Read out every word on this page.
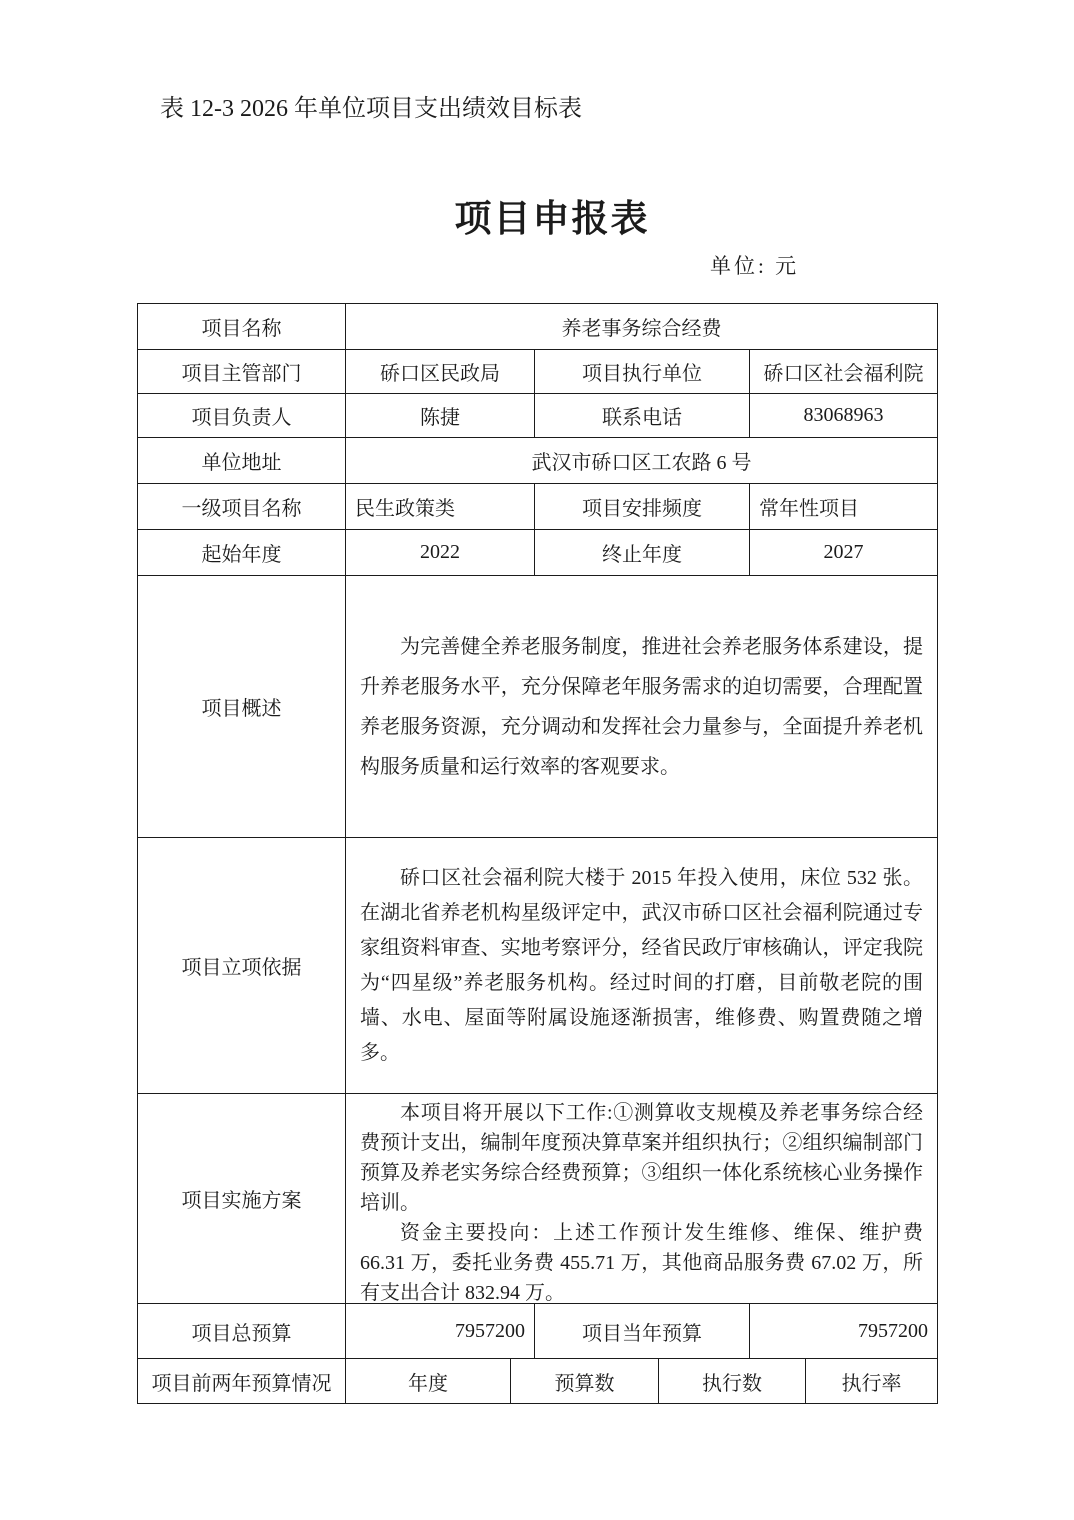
表 12-3 2026 年单位项目支出绩效目标表
项目申报表
单位: 元
项目名称	养老事务综合经费
项目主管部门	硚口区民政局	项目执行单位	硚口区社会福利院
项目负责人	陈捷	联系电话	83068963
单位地址	武汉市硚口区工农路 6 号
一级项目名称	民生政策类	项目安排频度	常年性项目
起始年度	2022	终止年度	2027
项目概述

为完善健全养老服务制度，推进社会养老服务体系建设，提升养老服务水平，充分保障老年服务需求的迫切需要，合理配置养老服务资源，充分调动和发挥社会力量参与，全面提升养老机构服务质量和运行效率的客观要求。

项目立项依据

硚口区社会福利院大楼于 2015 年投入使用，床位 532 张。在湖北省养老机构星级评定中，武汉市硚口区社会福利院通过专家组资料审查、实地考察评分，经省民政厅审核确认，评定我院为“四星级”养老服务机构。经过时间的打磨，目前敬老院的围墙、水电、屋面等附属设施逐渐损害，维修费、购置费随之增多。

项目实施方案

本项目将开展以下工作:①测算收支规模及养老事务综合经费预计支出，编制年度预决算草案并组织执行；②组织编制部门预算及养老实务综合经费预算；③组织一体化系统核心业务操作培训。

资金主要投向：上述工作预计发生维修、维保、维护费 66.31 万，委托业务费 455.71 万，其他商品服务费 67.02 万，所有支出合计 832.94 万。

项目总预算	7957200	项目当年预算	7957200
项目前两年预算情况	年度	预算数	执行数	执行率
